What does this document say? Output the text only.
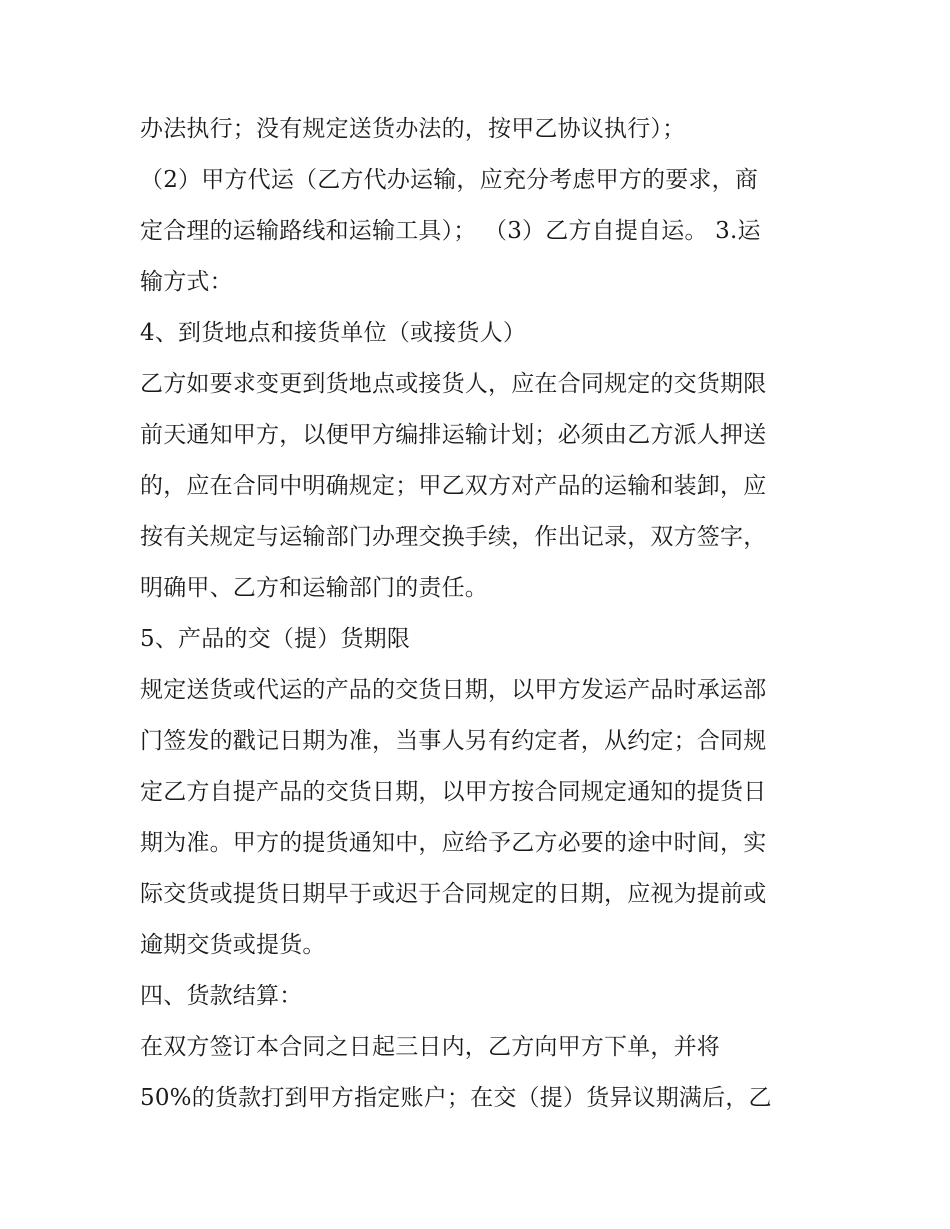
办法执行；没有规定送货办法的，按甲乙协议执行）；
（2）甲方代运（乙方代办运输，应充分考虑甲方的要求，商
定合理的运输路线和运输工具）； （3）乙方自提自运。 3.运
输方式：
4、到货地点和接货单位（或接货人）
乙方如要求变更到货地点或接货人，应在合同规定的交货期限
前天通知甲方，以便甲方编排运输计划；必须由乙方派人押送
的，应在合同中明确规定；甲乙双方对产品的运输和装卸，应
按有关规定与运输部门办理交换手续，作出记录，双方签字，
明确甲、乙方和运输部门的责任。
5、产品的交（提）货期限
规定送货或代运的产品的交货日期，以甲方发运产品时承运部
门签发的戳记日期为准，当事人另有约定者，从约定；合同规
定乙方自提产品的交货日期，以甲方按合同规定通知的提货日
期为准。甲方的提货通知中，应给予乙方必要的途中时间，实
际交货或提货日期早于或迟于合同规定的日期，应视为提前或
逾期交货或提货。
四、货款结算：
在双方签订本合同之日起三日内，乙方向甲方下单，并将
50%的货款打到甲方指定账户；在交（提）货异议期满后，乙
